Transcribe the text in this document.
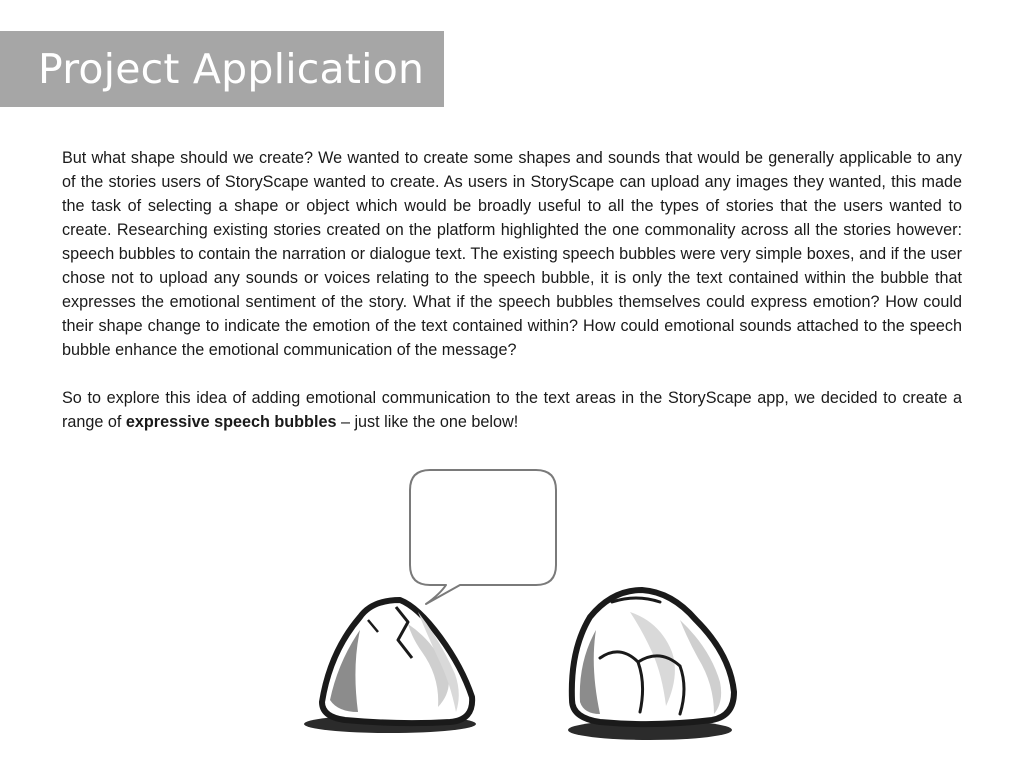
Project Application

But what shape should we create? We wanted to create some shapes and sounds that would be generally applicable to any of the stories users of StoryScape wanted to create. As users in StoryScape can upload any images they wanted, this made the task of selecting a shape or object which would be broadly useful to all the types of stories that the users wanted to create. Researching existing stories created on the platform highlighted the one commonality across all the stories however: speech bubbles to contain the narration or dialogue text. The existing speech bubbles were very simple boxes, and if the user chose not to upload any sounds or voices relating to the speech bubble, it is only the text contained within the bubble that expresses the emotional sentiment of the story. What if the speech bubbles themselves could express emotion? How could their shape change to indicate the emotion of the text contained within? How could emotional sounds attached to the speech bubble enhance the emotional communication of the message?

So to explore this idea of adding emotional communication to the text areas in the StoryScape app, we decided to create a range of expressive speech bubbles – just like the one below!
